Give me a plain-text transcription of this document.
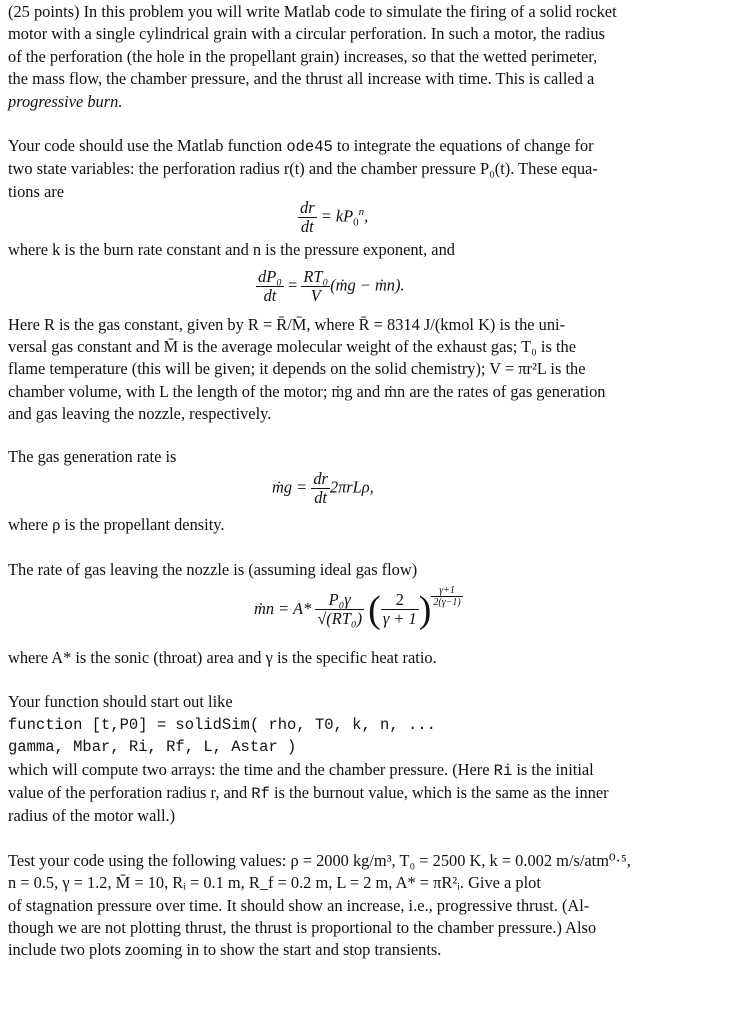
(25 points) In this problem you will write Matlab code to simulate the firing of a solid rocket
motor with a single cylindrical grain with a circular perforation. In such a motor, the radius
of the perforation (the hole in the propellant grain) increases, so that the wetted perimeter,
the mass flow, the chamber pressure, and the thrust all increase with time. This is called a
progressive burn.
Your code should use the Matlab function ode45 to integrate the equations of change for
two state variables: the perforation radius r(t) and the chamber pressure P₀(t). These equa-
tions are
$\frac{dr}{dt} = kP_0^n$,
where k is the burn rate constant and n is the pressure exponent, and
$\frac{\text{dP₀}}{dt} = \frac{\text{RT₀}}{V}$ (ṁg − ṁn).
Here R is the gas constant, given by R = R̄/M̄, where R̄ = 8314 J/(kmol K) is the uni-
versal gas constant and M̄ is the average molecular weight of the exhaust gas; T₀ is the
flame temperature (this will be given; it depends on the solid chemistry); V = πr²L is the
chamber volume, with L the length of the motor; ṁg and ṁn are the rates of gas generation
and gas leaving the nozzle, respectively.
The gas generation rate is
ṁg = $\frac{dr}{dt} 2\pi rL\rho$,
where ρ is the propellant density.
The rate of gas leaving the nozzle is (assuming ideal gas flow)
ṁn = $A* \frac{\text{P₀γ}}{\text{√(RT₀)}}$ ( $\frac{2}{\gamma + 1}$ ) $\frac{\gamma+1}{2(\gamma-1)}$
where A* is the sonic (throat) area and γ is the specific heat ratio.
Your function should start out like
function [t,P0] = solidSim( rho, T0, k, n, ...
gamma, Mbar, Ri, Rf, L, Astar )
which will compute two arrays: the time and the chamber pressure. (Here Ri is the initial
value of the perforation radius r, and Rf is the burnout value, which is the same as the inner
radius of the motor wall.)
Test your code using the following values: ρ = 2000 kg/m³, T₀ = 2500 K, k = 0.002 m/s/atm⁰·⁵,
n = 0.5, γ = 1.2, M̄ = 10, Rᵢ = 0.1 m, R_f = 0.2 m, L = 2 m, A* = πR²ᵢ. Give a plot
of stagnation pressure over time. It should show an increase, i.e., progressive thrust. (Al-
though we are not plotting thrust, the thrust is proportional to the chamber pressure.) Also
include two plots zooming in to show the start and stop transients.
